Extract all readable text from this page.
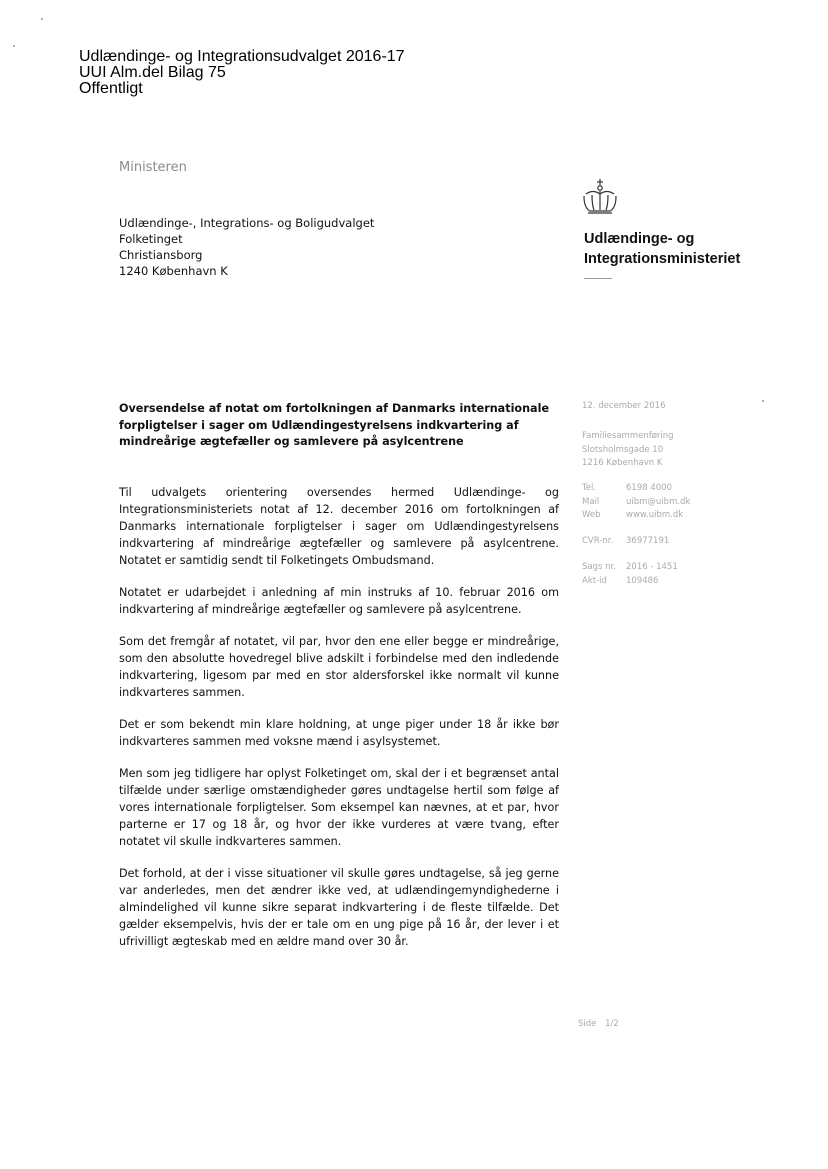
Udlændinge- og Integrationsudvalget 2016-17
UUI Alm.del Bilag 75
Offentligt
Ministeren
Udlændinge-, Integrations- og Boligudvalget
Folketinget
Christiansborg
1240 København K
Udlændinge- og
Integrationsministeriet
Oversendelse af notat om fortolkningen af Danmarks internationale forpligtelser i sager om Udlændingestyrelsens indkvartering af mindreårige ægtefæller og samlevere på asylcentrene

Til udvalgets orientering oversendes hermed Udlændinge- og Integrationsministeriets notat af 12. december 2016 om fortolkningen af Danmarks internationale forpligtelser i sager om Udlændingestyrelsens indkvartering af mindreårige ægtefæller og samlevere på asylcentrene. Notatet er samtidig sendt til Folketingets Ombudsmand.

Notatet er udarbejdet i anledning af min instruks af 10. februar 2016 om indkvartering af mindreårige ægtefæller og samlevere på asylcentrene.

Som det fremgår af notatet, vil par, hvor den ene eller begge er mindreårige, som den absolutte hovedregel blive adskilt i forbindelse med den indledende indkvartering, ligesom par med en stor aldersforskel ikke normalt vil kunne indkvarteres sammen.

Det er som bekendt min klare holdning, at unge piger under 18 år ikke bør indkvarteres sammen med voksne mænd i asylsystemet.

Men som jeg tidligere har oplyst Folketinget om, skal der i et begrænset antal tilfælde under særlige omstændigheder gøres undtagelse hertil som følge af vores internationale forpligtelser. Som eksempel kan nævnes, at et par, hvor parterne er 17 og 18 år, og hvor der ikke vurderes at være tvang, efter notatet vil skulle indkvarteres sammen.

Det forhold, at der i visse situationer vil skulle gøres undtagelse, så jeg gerne var anderledes, men det ændrer ikke ved, at udlændingemyndighederne i almindelighed vil kunne sikre separat indkvartering i de fleste tilfælde. Det gælder eksempelvis, hvis der er tale om en ung pige på 16 år, der lever i et ufrivilligt ægteskab med en ældre mand over 30 år.

12. december 2016
Familiesammenføring
Slotsholmsgade 10
1216 København K
Tel.	6198 4000
Mail	uibm@uibm.dk
Web	www.uibm.dk
CVR-nr. 36977191
Sags nr. 2016 - 1451
Akt-id 109486
Side 1/2
